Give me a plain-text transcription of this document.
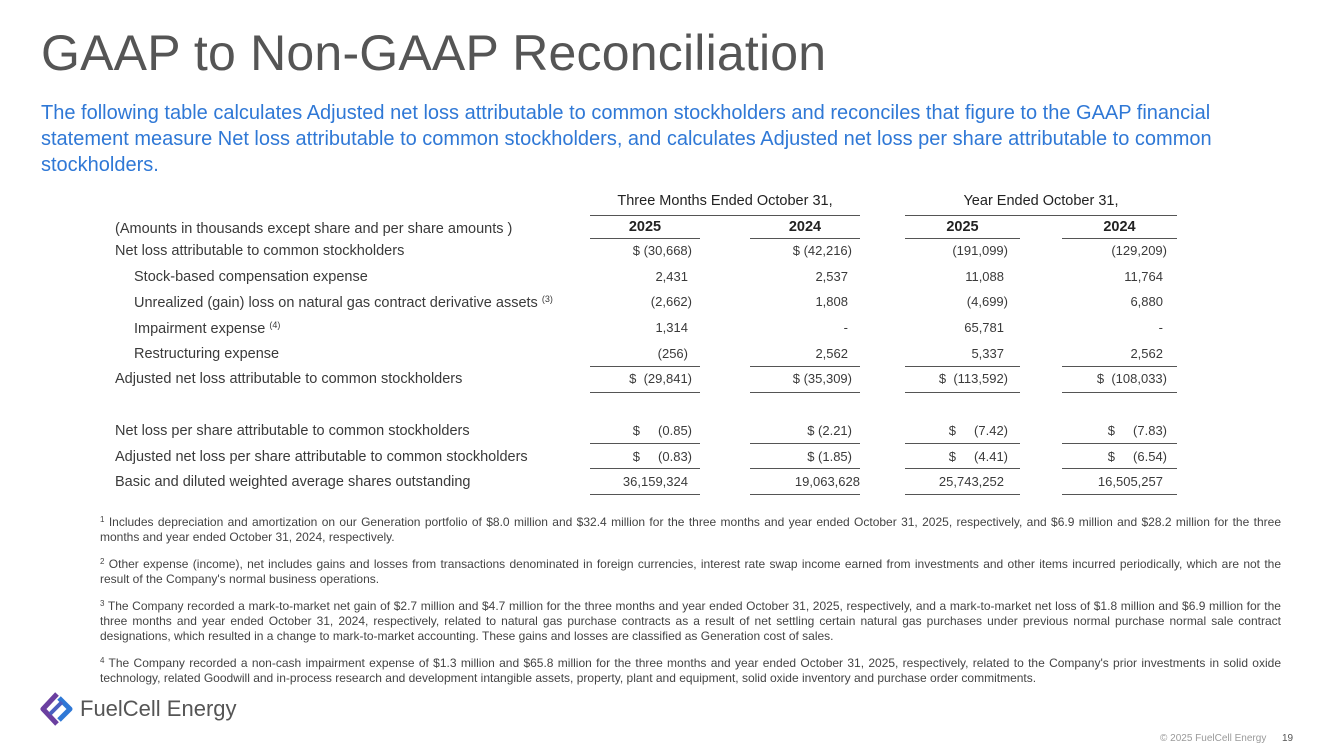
GAAP to Non-GAAP Reconciliation

The following table calculates Adjusted net loss attributable to common stockholders and reconciles that figure to the GAAP financial statement measure Net loss attributable to common stockholders, and calculates Adjusted net loss per share attributable to common stockholders.

Three Months Ended October 31,	Year Ended October 31,
(Amounts in thousands except share and per share amounts )	2025	2024	2025	2024
Net loss attributable to common stockholders	$ (30,668)	$ (42,216)	(191,099)	(129,209)
Stock-based compensation expense	2,431	2,537	11,088	11,764
Unrealized (gain) loss on natural gas contract derivative assets $^{(3)}$	(2,662)	1,808	(4,699)	6,880
Impairment expense $^{(4)}$	1,314	-	65,781	-
Restructuring expense	(256)	2,562	5,337	2,562
Adjusted net loss attributable to common stockholders	$  (29,841)	$ (35,309)	$  (113,592)	$  (108,033)
Net loss per share attributable to common stockholders	$     (0.85)	$ (2.21)	$     (7.42)	$     (7.83)
Adjusted net loss per share attributable to common stockholders	$     (0.83)	$ (1.85)	$     (4.41)	$     (6.54)
Basic and diluted weighted average shares outstanding	36,159,324	19,063,628	25,743,252	16,505,257

$^1$ Includes depreciation and amortization on our Generation portfolio of $8.0 million and $32.4 million for the three months and year ended October 31, 2025, respectively, and $6.9 million and $28.2 million for the three months and year ended October 31, 2024, respectively.

$^2$ Other expense (income), net includes gains and losses from transactions denominated in foreign currencies, interest rate swap income earned from investments and other items incurred periodically, which are not the result of the Company's normal business operations.

$^3$ The Company recorded a mark-to-market net gain of $2.7 million and $4.7 million for the three months and year ended October 31, 2025, respectively, and a mark-to-market net loss of $1.8 million and $6.9 million for the three months and year ended October 31, 2024, respectively, related to natural gas purchase contracts as a result of net settling certain natural gas purchases under previous normal purchase normal sale contract designations, which resulted in a change to mark-to-market accounting. These gains and losses are classified as Generation cost of sales.

$^4$ The Company recorded a non-cash impairment expense of $1.3 million and $65.8 million for the three months and year ended October 31, 2025, respectively, related to the Company's prior investments in solid oxide technology, related Goodwill and in-process research and development intangible assets, property, plant and equipment, solid oxide inventory and purchase order commitments.

FuelCell Energy
© 2025 FuelCell Energy 19
